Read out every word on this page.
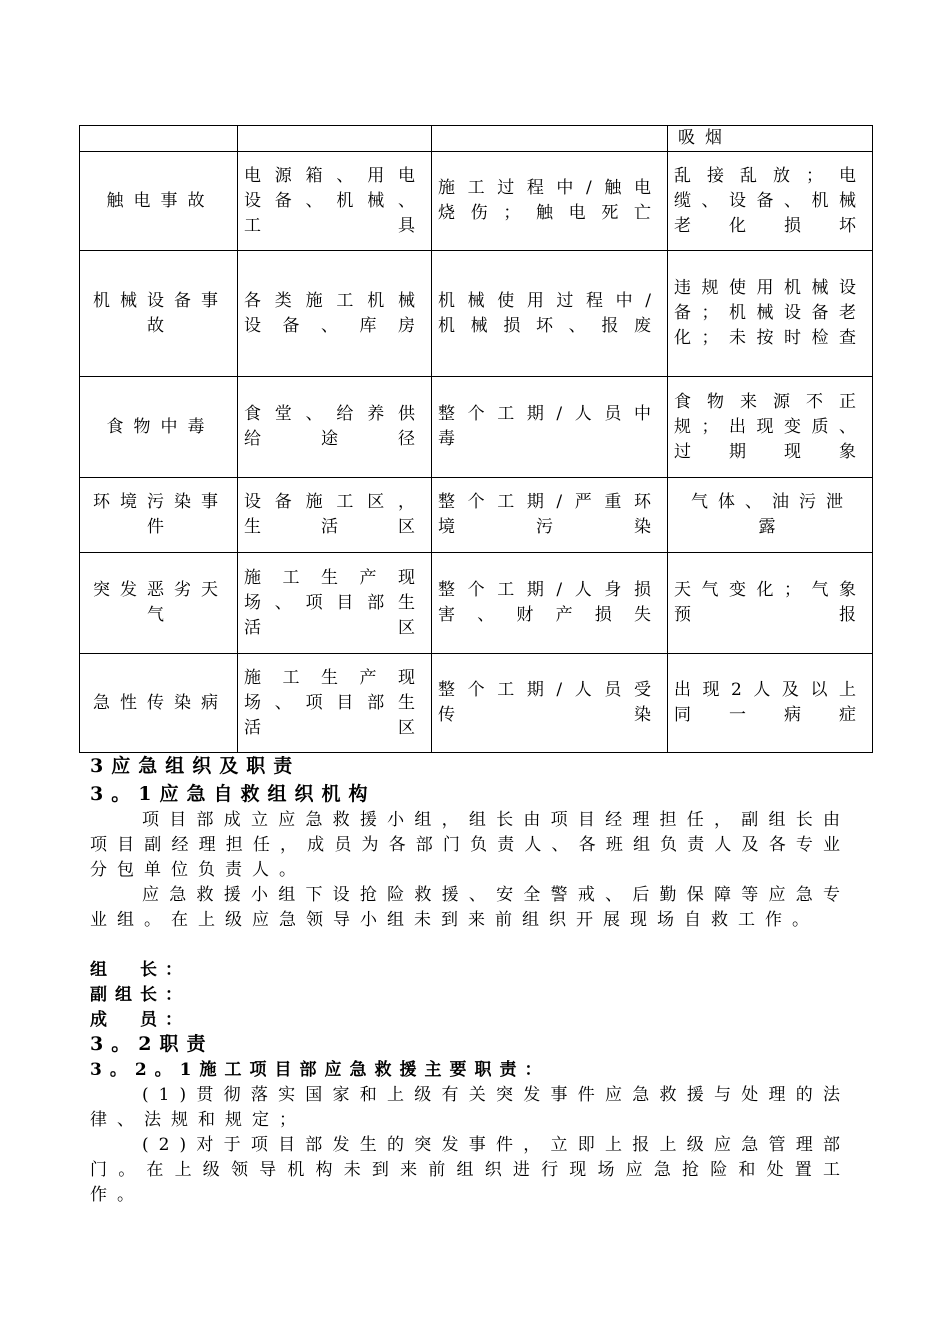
			吸烟
触电事故	电源箱、用电设备、机械、工具	施工过程中/触电烧伤；触电死亡	乱接乱放；电缆、设备、机械老化损坏
机械设备事故	各类施工机械设备、库房	机械使用过程中/机械损坏、报废	违规使用机械设备；机械设备老化；未按时检查
食物中毒	食堂、给养供给途径	整个工期/人员中毒	食物来源不正规；出现变质、过期现象
环境污染事件	设备施工区，生活区	整个工期/严重环境污染	气体、油污泄露
突发恶劣天气	施工生产现场、项目部生活区	整个工期/人身损害、财产损失	天气变化；气象预报
急性传染病	施工生产现场、项目部生活区	整个工期/人员受传染	出现2人及以上同一病症
3应急组织及职责
3。1应急自救组织机构
项目部成立应急救援小组，组长由项目经理担任，副组长由项目副经理担任，成员为各部门负责人、各班组负责人及各专业分包单位负责人。
应急救援小组下设抢险救援、安全警戒、后勤保障等应急专业组。在上级应急领导小组未到来前组织开展现场自救工作。
组　长：
副组长：
成　员：
3。2职责
3。2。1施工项目部应急救援主要职责：
(1)贯彻落实国家和上级有关突发事件应急救援与处理的法律、法规和规定；
(2)对于项目部发生的突发事件，立即上报上级应急管理部门。在上级领导机构未到来前组织进行现场应急抢险和处置工作。
